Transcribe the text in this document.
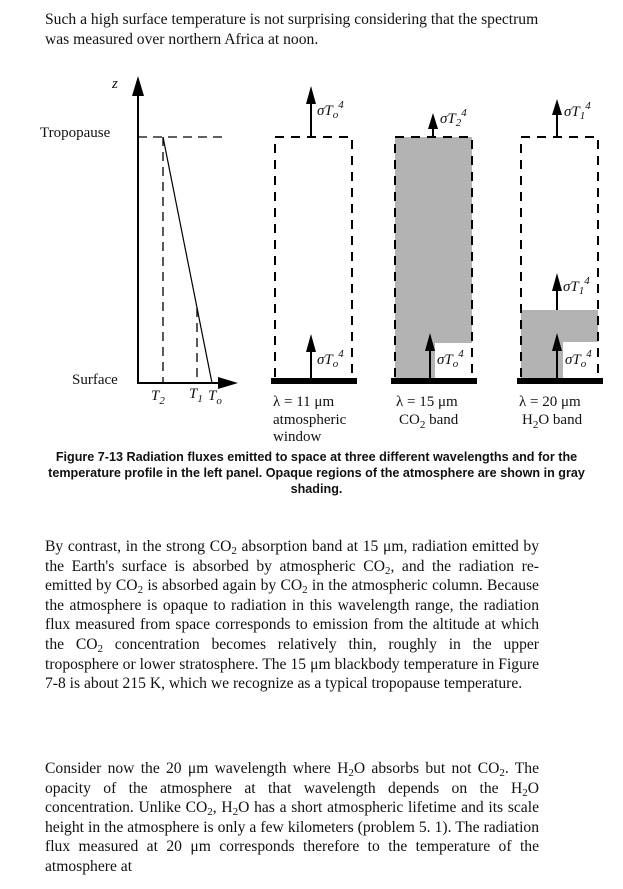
Such a high surface temperature is not surprising considering that the spectrum was measured over northern Africa at noon.

z
Tropopause
Surface
$T_2$ $T_1$ $T_o$
$\sigma T_o^4$
$\sigma T_o^4$
λ = 11 μm
atmospheric
window
$\sigma T_2^4$
$\sigma T_o^4$
λ = 15 μm
$CO_2$ band
$\sigma T_1^4$
$\sigma T_1^4$
$\sigma T_o^4$
λ = 20 μm
$H_2O$ band

Figure 7-13 Radiation fluxes emitted to space at three different wavelengths and for the temperature profile in the left panel. Opaque regions of the atmosphere are shown in gray shading.

By contrast, in the strong $CO_2$ absorption band at 15 μm, radiation emitted by the Earth's surface is absorbed by atmospheric $CO_2$, and the radiation re-emitted by $CO_2$ is absorbed again by $CO_2$ in the atmospheric column. Because the atmosphere is opaque to radiation in this wavelength range, the radiation flux measured from space corresponds to emission from the altitude at which the $CO_2$ concentration becomes relatively thin, roughly in the upper troposphere or lower stratosphere. The 15 μm blackbody temperature in Figure 7-8 is about 215 K, which we recognize as a typical tropopause temperature.

Consider now the 20 μm wavelength where $H_2O$ absorbs but not $CO_2$. The opacity of the atmosphere at that wavelength depends on the $H_2O$ concentration. Unlike $CO_2$, $H_2O$ has a short atmospheric lifetime and its scale height in the atmosphere is only a few kilometers (problem 5. 1). The radiation flux measured at 20 μm corresponds therefore to the temperature of the atmosphere at
